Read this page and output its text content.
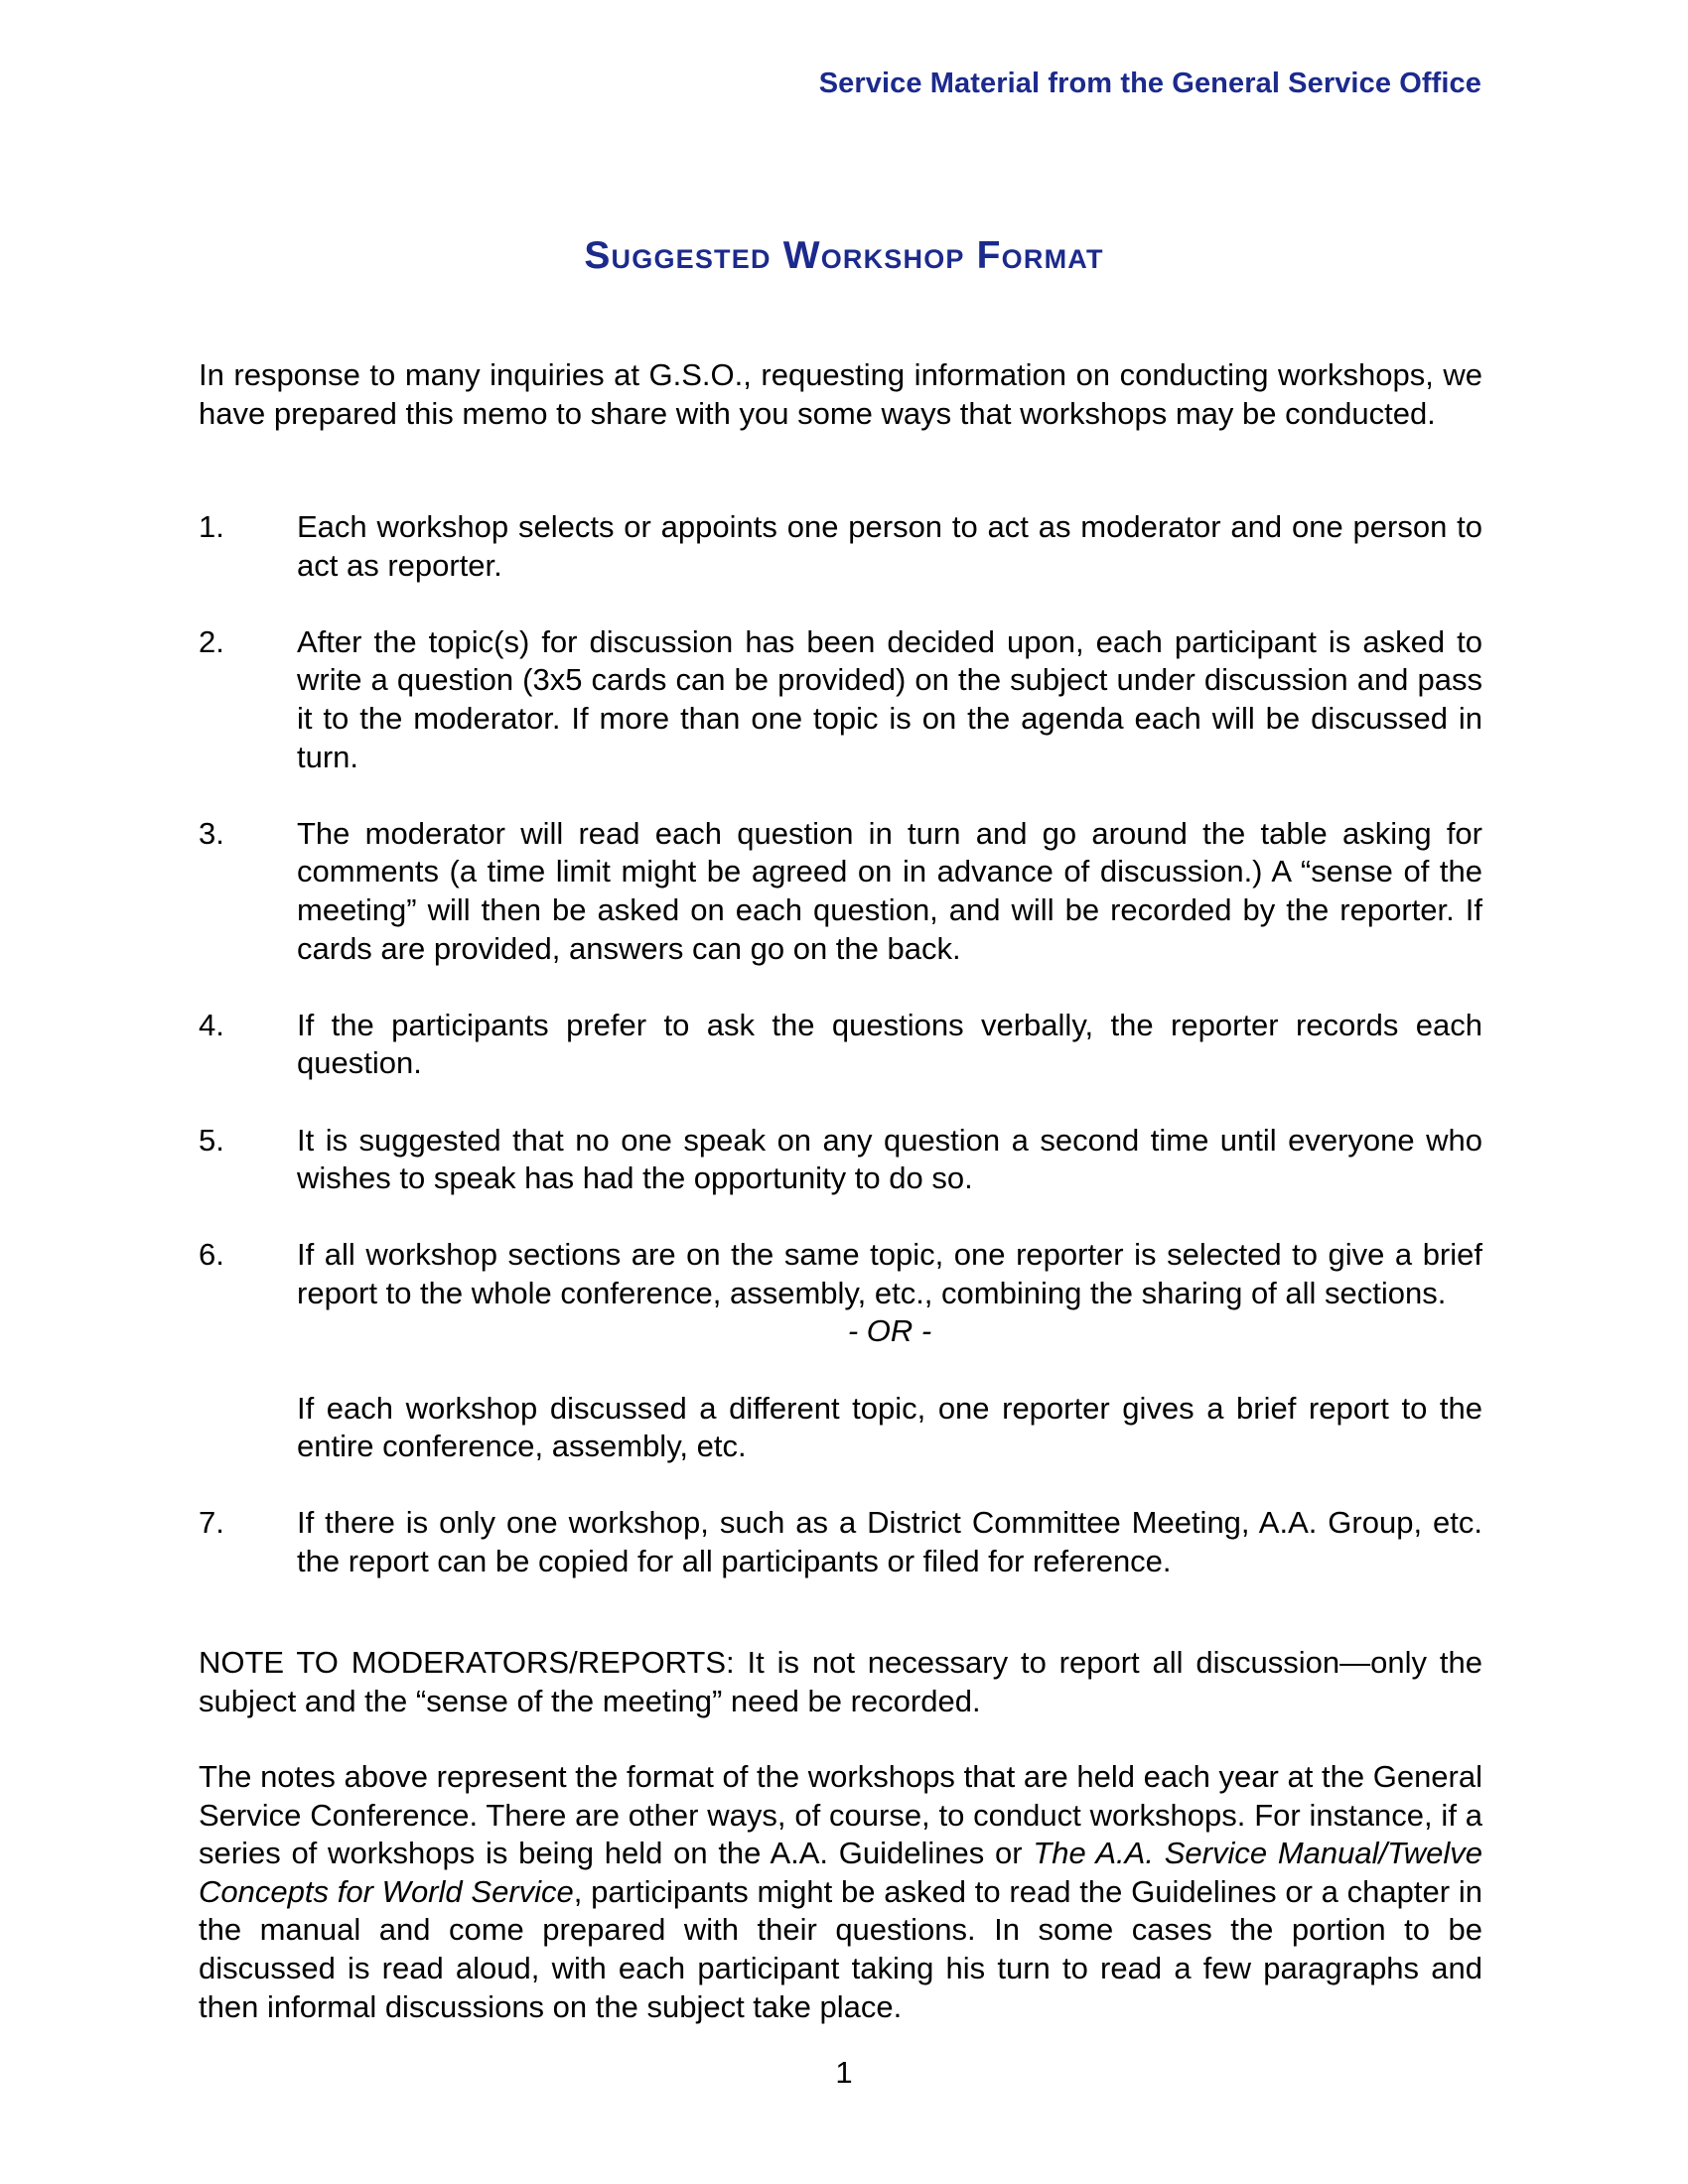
Service Material from the General Service Office
Suggested Workshop Format
In response to many inquiries at G.S.O., requesting information on conducting workshops, we have prepared this memo to share with you some ways that workshops may be conducted.
1. Each workshop selects or appoints one person to act as moderator and one person to act as reporter.
2. After the topic(s) for discussion has been decided upon, each participant is asked to write a question (3x5 cards can be provided) on the subject under discussion and pass it to the moderator. If more than one topic is on the agenda each will be discussed in turn.
3. The moderator will read each question in turn and go around the table asking for comments (a time limit might be agreed on in advance of discussion.) A “sense of the meeting” will then be asked on each question, and will be recorded by the reporter. If cards are provided, answers can go on the back.
4. If the participants prefer to ask the questions verbally, the reporter records each question.
5. It is suggested that no one speak on any question a second time until everyone who wishes to speak has had the opportunity to do so.
6. If all workshop sections are on the same topic, one reporter is selected to give a brief report to the whole conference, assembly, etc., combining the sharing of all sections.
- OR -
If each workshop discussed a different topic, one reporter gives a brief report to the entire conference, assembly, etc.
7. If there is only one workshop, such as a District Committee Meeting, A.A. Group, etc. the report can be copied for all participants or filed for reference.
NOTE TO MODERATORS/REPORTS: It is not necessary to report all discussion—only the subject and the “sense of the meeting” need be recorded.
The notes above represent the format of the workshops that are held each year at the General Service Conference. There are other ways, of course, to conduct workshops. For instance, if a series of workshops is being held on the A.A. Guidelines or The A.A. Service Manual/Twelve Concepts for World Service, participants might be asked to read the Guidelines or a chapter in the manual and come prepared with their questions. In some cases the portion to be discussed is read aloud, with each participant taking his turn to read a few paragraphs and then informal discussions on the subject take place.
1
